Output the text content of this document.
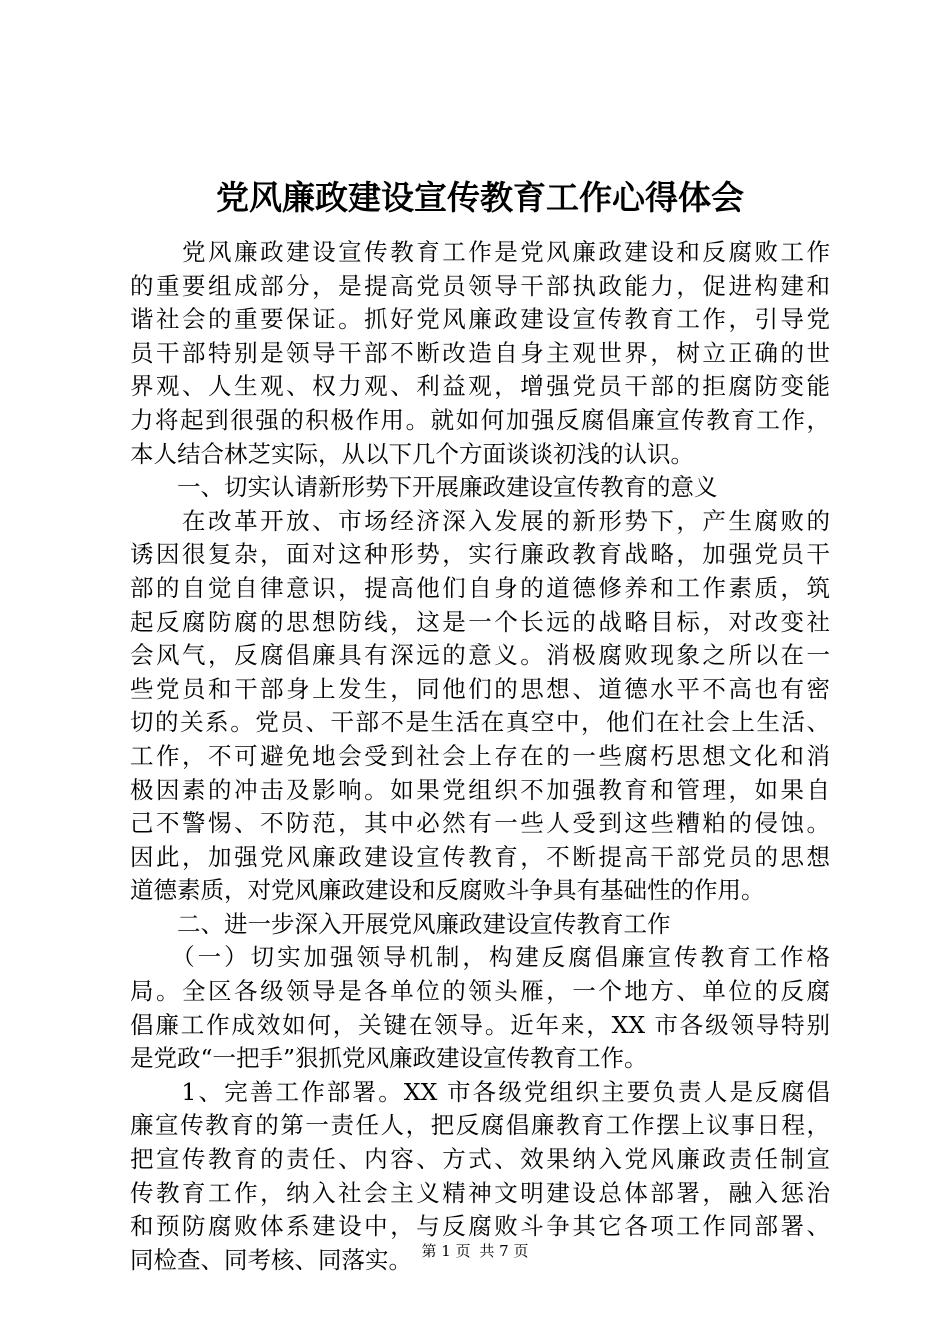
党风廉政建设宣传教育工作心得体会
　　党风廉政建设宣传教育工作是党风廉政建设和反腐败工作
的重要组成部分，是提高党员领导干部执政能力，促进构建和
谐社会的重要保证。抓好党风廉政建设宣传教育工作，引导党
员干部特别是领导干部不断改造自身主观世界，树立正确的世
界观、人生观、权力观、利益观，增强党员干部的拒腐防变能
力将起到很强的积极作用。就如何加强反腐倡廉宣传教育工作，
本人结合林芝实际，从以下几个方面谈谈初浅的认识。
　　一、切实认请新形势下开展廉政建设宣传教育的意义
　　在改革开放、市场经济深入发展的新形势下，产生腐败的
诱因很复杂，面对这种形势，实行廉政教育战略，加强党员干
部的自觉自律意识，提高他们自身的道德修养和工作素质，筑
起反腐防腐的思想防线，这是一个长远的战略目标，对改变社
会风气，反腐倡廉具有深远的意义。消极腐败现象之所以在一
些党员和干部身上发生，同他们的思想、道德水平不高也有密
切的关系。党员、干部不是生活在真空中，他们在社会上生活、
工作，不可避免地会受到社会上存在的一些腐朽思想文化和消
极因素的冲击及影响。如果党组织不加强教育和管理，如果自
己不警惕、不防范，其中必然有一些人受到这些糟粕的侵蚀。
因此，加强党风廉政建设宣传教育，不断提高干部党员的思想
道德素质，对党风廉政建设和反腐败斗争具有基础性的作用。
　　二、进一步深入开展党风廉政建设宣传教育工作
　　（一）切实加强领导机制，构建反腐倡廉宣传教育工作格
局。全区各级领导是各单位的领头雁，一个地方、单位的反腐
倡廉工作成效如何，关键在领导。近年来，XX 市各级领导特别
是党政“一把手”狠抓党风廉政建设宣传教育工作。
　　1、完善工作部署。XX 市各级党组织主要负责人是反腐倡
廉宣传教育的第一责任人，把反腐倡廉教育工作摆上议事日程，
把宣传教育的责任、内容、方式、效果纳入党风廉政责任制宣
传教育工作，纳入社会主义精神文明建设总体部署，融入惩治
和预防腐败体系建设中，与反腐败斗争其它各项工作同部署、
同检查、同考核、同落实。 第 1 页 共 7 页
